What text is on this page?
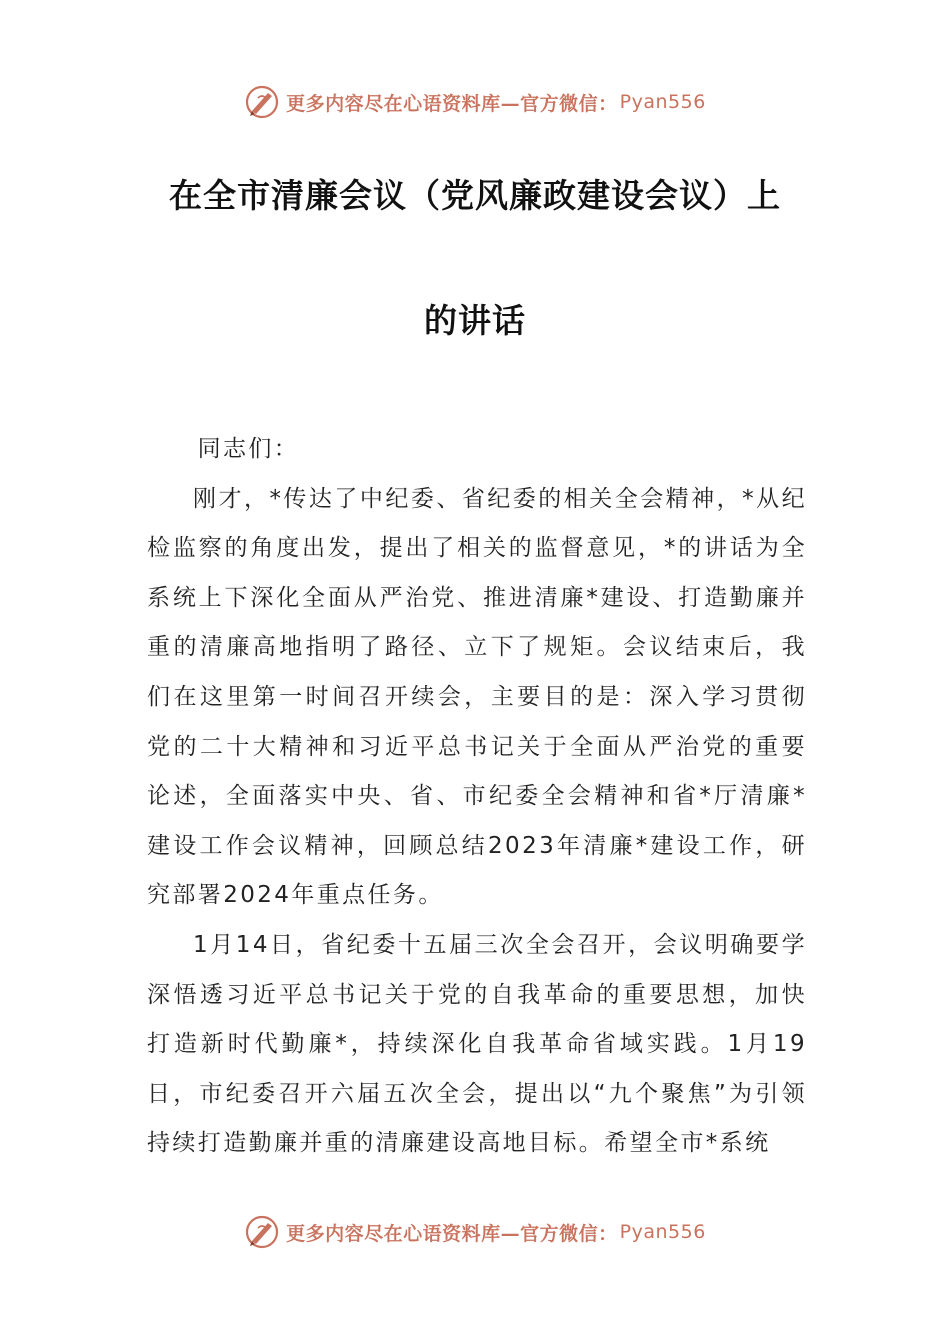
更多内容尽在心语资料库—官方微信： Pyan556
在全市清廉会议（党风廉政建设会议）上
的讲话

同志们：

刚才，*传达了中纪委、省纪委的相关全会精神，*从纪检监察的角度出发，提出了相关的监督意见，*的讲话为全系统上下深化全面从严治党、推进清廉*建设、打造勤廉并重的清廉高地指明了路径、立下了规矩。会议结束后，我们在这里第一时间召开续会，主要目的是：深入学习贯彻党的二十大精神和习近平总书记关于全面从严治党的重要论述，全面落实中央、省、市纪委全会精神和省*厅清廉*建设工作会议精神，回顾总结2023年清廉*建设工作，研究部署2024年重点任务。

1月14日，省纪委十五届三次全会召开，会议明确要学深悟透习近平总书记关于党的自我革命的重要思想，加快打造新时代勤廉*，持续深化自我革命省域实践。1月19日，市纪委召开六届五次全会，提出以“九个聚焦”为引领持续打造勤廉并重的清廉建设高地目标。希望全市*系统

更多内容尽在心语资料库—官方微信： Pyan556
